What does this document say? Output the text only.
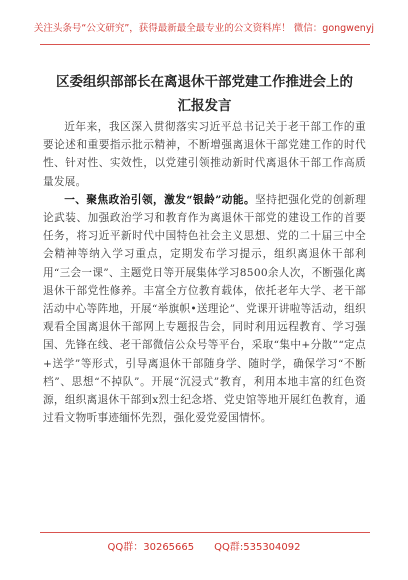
关注头条号“公文研究”，获得最新最全最专业的公文资料库！ 微信：gongwenyj
区委组织部部长在离退休干部党建工作推进会上的汇报发言

近年来，我区深入贯彻落实习近平总书记关于老干部工作的重要论述和重要指示批示精神，不断增强离退休干部党建工作的时代性、针对性、实效性，以党建引领推动新时代离退休干部工作高质量发展。

一、聚焦政治引领，激发“银龄”动能。坚持把强化党的创新理论武装、加强政治学习和教育作为离退休干部党的建设工作的首要任务，将习近平新时代中国特色社会主义思想、党的二十届三中全会精神等纳入学习重点，定期发布学习提示，组织离退休干部利用“三会一课”、主题党日等开展集体学习8500余人次，不断强化离退休干部党性修养。丰富全方位教育载体，依托老年大学、老干部活动中心等阵地，开展“举旗帜•送理论”、党课开讲啦等活动，组织观看全国离退休干部网上专题报告会，同时利用远程教育、学习强国、先锋在线、老干部微信公众号等平台，采取“集中+分散”“定点+送学”等形式，引导离退休干部随身学、随时学，确保学习“不断档”、思想“不掉队”。开展“沉浸式”教育，利用本地丰富的红色资源，组织离退休干部到x烈士纪念塔、党史馆等地开展红色教育，通过看文物听事迹缅怀先烈，强化爱党爱国情怀。

QQ群：30265665 QQ群:535304092
